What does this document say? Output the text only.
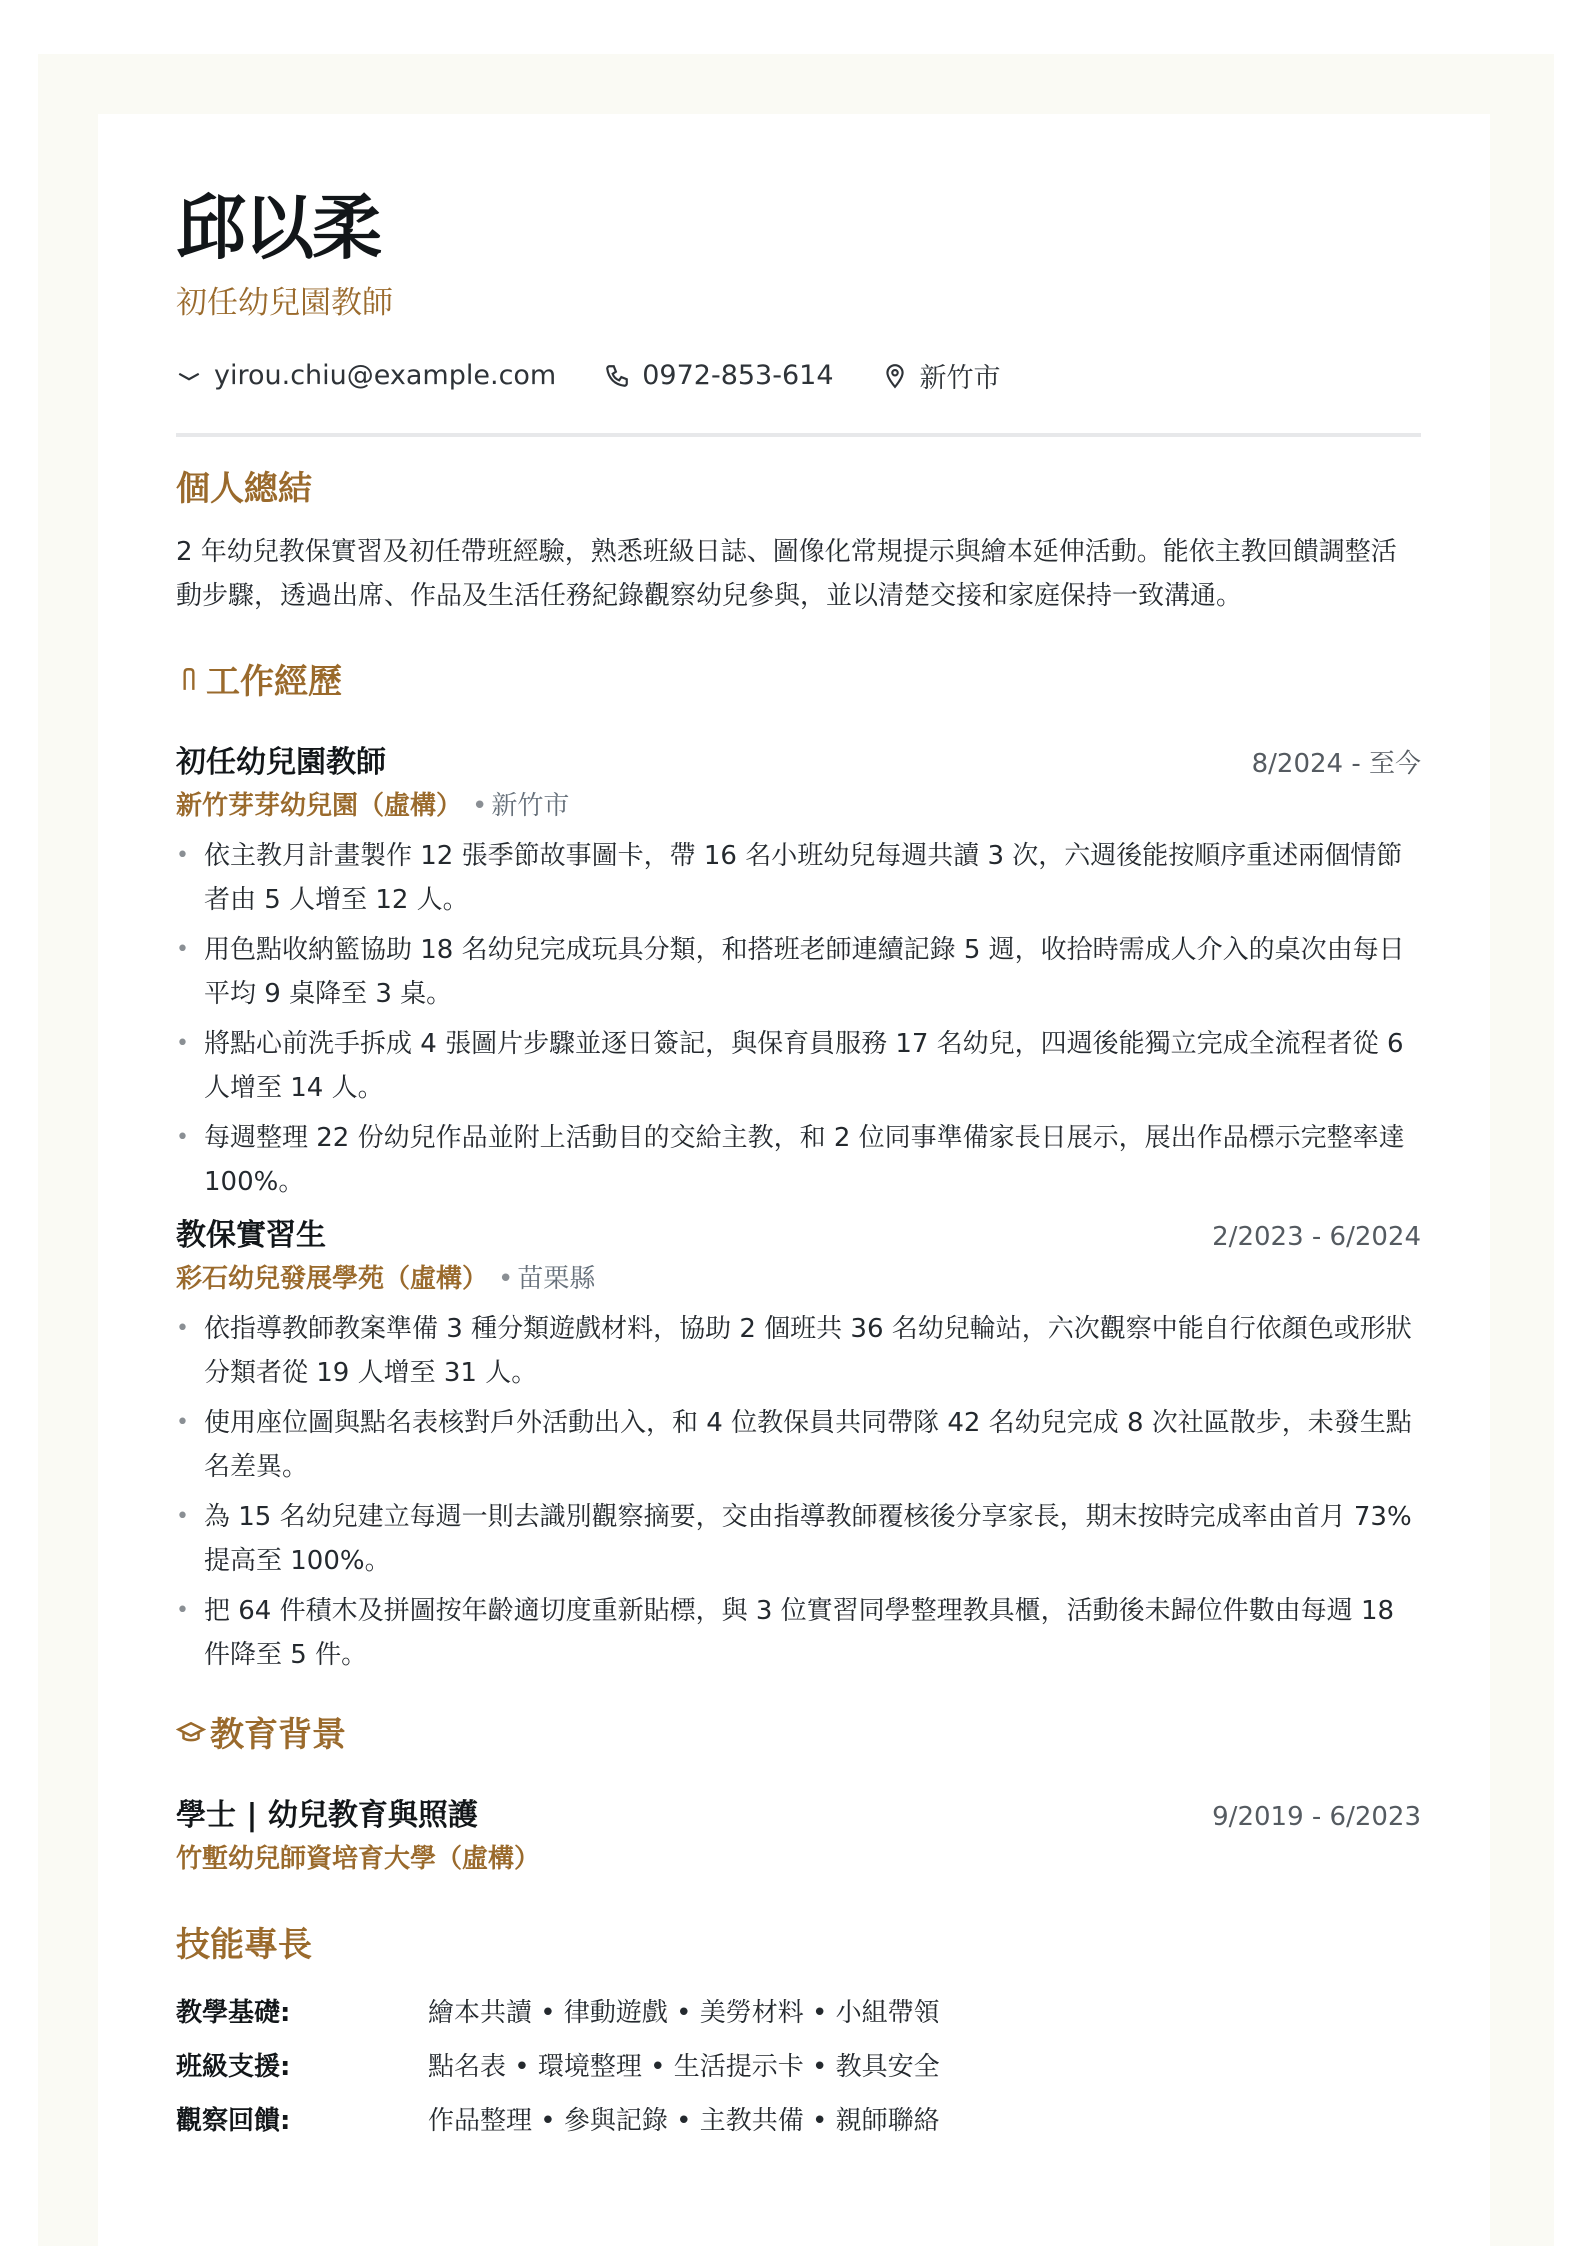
邱以柔
初任幼兒園教師
yirou.chiu@example.com	0972-853-614	新竹市
個人總結
2 年幼兒教保實習及初任帶班經驗，熟悉班級日誌、圖像化常規提示與繪本延伸活動。能依主教回饋調整活動步驟，透過出席、作品及生活任務紀錄觀察幼兒參與，並以清楚交接和家庭保持一致溝通。
工作經歷
初任幼兒園教師	8/2024 - 至今
新竹芽芽幼兒園（虛構） • 新竹市
• 依主教月計畫製作 12 張季節故事圖卡，帶 16 名小班幼兒每週共讀 3 次，六週後能按順序重述兩個情節者由 5 人增至 12 人。
• 用色點收納籃協助 18 名幼兒完成玩具分類，和搭班老師連續記錄 5 週，收拾時需成人介入的桌次由每日平均 9 桌降至 3 桌。
• 將點心前洗手拆成 4 張圖片步驟並逐日簽記，與保育員服務 17 名幼兒，四週後能獨立完成全流程者從 6 人增至 14 人。
• 每週整理 22 份幼兒作品並附上活動目的交給主教，和 2 位同事準備家長日展示，展出作品標示完整率達 100%。
教保實習生	2/2023 - 6/2024
彩石幼兒發展學苑（虛構） • 苗栗縣
• 依指導教師教案準備 3 種分類遊戲材料，協助 2 個班共 36 名幼兒輪站，六次觀察中能自行依顏色或形狀分類者從 19 人增至 31 人。
• 使用座位圖與點名表核對戶外活動出入，和 4 位教保員共同帶隊 42 名幼兒完成 8 次社區散步，未發生點名差異。
• 為 15 名幼兒建立每週一則去識別觀察摘要，交由指導教師覆核後分享家長，期末按時完成率由首月 73% 提高至 100%。
• 把 64 件積木及拼圖按年齡適切度重新貼標，與 3 位實習同學整理教具櫃，活動後未歸位件數由每週 18 件降至 5 件。
教育背景
學士 | 幼兒教育與照護	9/2019 - 6/2023
竹塹幼兒師資培育大學（虛構）
技能專長
教學基礎:	繪本共讀 • 律動遊戲 • 美勞材料 • 小組帶領
班級支援:	點名表 • 環境整理 • 生活提示卡 • 教具安全
觀察回饋:	作品整理 • 參與記錄 • 主教共備 • 親師聯絡
